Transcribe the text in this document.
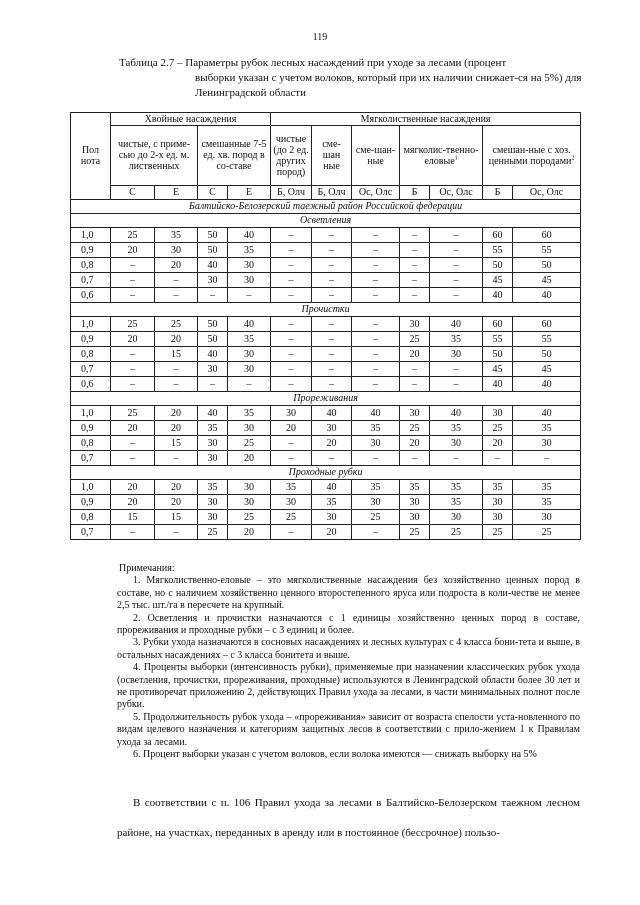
119
Таблица 2.7 – Параметры рубок лесных насаждений при уходе за лесами (процент
выборки указан с учетом волоков, который при их наличии снижает-ся на 5%) для Ленинградской области
Пол нота	Хвойные насаждения				Мягколиственные насаждения						
	чистые, с приме-сью до 2-х ед. м. лиственных		смешанные 7-5 ед. хв. пород в со-ставе		чистые (до 2 ед. других пород)	сме-шан ные	сме-шан-ные	мягколис-твенно-еловые$^1$		смешан-ные с хоз. ценными породами$^2$
	С	Е	С	Е	Б, Олч	Б, Олч	Ос, Олс	Б	Ос, Олс	Б	Ос, Олс
Балтийско-Белозерский таежный район Российской федерации											
Осветления											
1,0	25	35	50	40	–	–	–	–	–	60	60
0,9	20	30	50	35	–	–	–	–	–	55	55
0,8	–	20	40	30	–	–	–	–	–	50	50
0,7	–	–	30	30	–	–	–	–	–	45	45
0,6	–	–	–	–	–	–	–	–	–	40	40
Прочистки											
1,0	25	25	50	40	–	–	–	30	40	60	60
0,9	20	20	50	35	–	–	–	25	35	55	55
0,8	–	15	40	30	–	–	–	20	30	50	50
0,7	–	–	30	30	–	–	–	–	–	45	45
0,6	–	–	–	–	–	–	–	–	–	40	40
Прореживания											
1,0	25	20	40	35	30	40	40	30	40	30	40
0,9	20	20	35	30	20	30	35	25	35	25	35
0,8	–	15	30	25	–	20	30	20	30	20	30
0,7	–	–	30	20	–	–	–	–	–	–	–
Проходные рубки											
1,0	20	20	35	30	35	40	35	35	35	35	35
0,9	20	20	30	30	30	35	30	30	35	30	35
0,8	15	15	30	25	25	30	25	30	30	30	30
0,7	–	–	25	20	–	20	–	25	25	25	25

Примечания:

1. Мягколиственно-еловые – это мягколиственные насаждения без хозяйственно ценных пород в составе, но с наличием хозяйственно ценного второстепенного яруса или подроста в коли-честве не менее 2,5 тыс. шт./га в пересчете на крупный.

2. Осветления и прочистки назначаются с 1 единицы хозяйственно ценных пород в составе, прореживания и проходные рубки – с 3 единиц и более.

3. Рубки ухода назначаются в сосновых насаждениях и лесных культурах с 4 класса бони-тета и выше, в остальных насаждениях – с 3 класса бонитета и выше.

4. Проценты выборки (интенсивность рубки), применяемые при назначении классических рубок ухода (осветления, прочистки, прореживания, проходные) используются в Ленинградской области более 30 лет и не противоречат приложению 2, действующих Правил ухода за лесами, в части минимальных полнот после рубки.

5. Продолжительность рубок ухода – «прореживания» зависит от возраста спелости уста-новленного по видам целевого назначения и категориям защитных лесов в соответствии с прило-жением 1 к Правилам ухода за лесами.

6. Процент выборки указан с учетом волоков, если волока имеются — снижать выборку на 5%

В соответствии с п. 106 Правил ухода за лесами в Балтийско-Белозерском таежном лесном районе, на участках, переданных в аренду или в постоянное (бессрочное) пользо-
